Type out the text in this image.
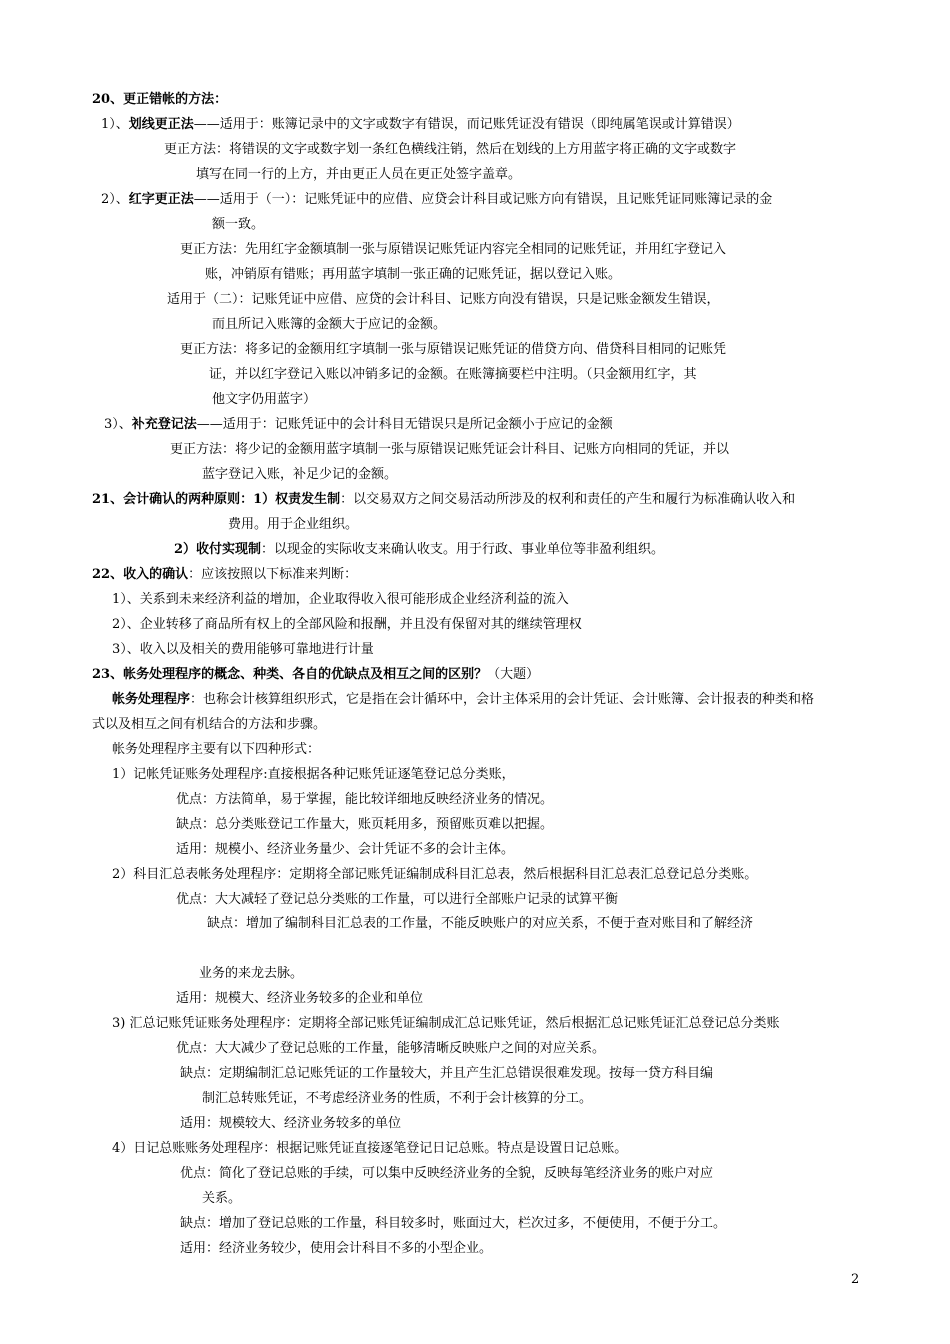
20、更正错帐的方法：
1）、划线更正法——适用于：账簿记录中的文字或数字有错误，而记账凭证没有错误（即纯属笔误或计算错误）
更正方法：将错误的文字或数字划一条红色横线注销，然后在划线的上方用蓝字将正确的文字或数字
填写在同一行的上方，并由更正人员在更正处签字盖章。
2）、红字更正法——适用于（一）：记账凭证中的应借、应贷会计科目或记账方向有错误，且记账凭证同账簿记录的金
额一致。
更正方法：先用红字金额填制一张与原错误记账凭证内容完全相同的记账凭证，并用红字登记入
账，冲销原有错账；再用蓝字填制一张正确的记账凭证，据以登记入账。
适用于（二）：记账凭证中应借、应贷的会计科目、记账方向没有错误，只是记账金额发生错误，
而且所记入账簿的金额大于应记的金额。
更正方法：将多记的金额用红字填制一张与原错误记账凭证的借贷方向、借贷科目相同的记账凭
证，并以红字登记入账以冲销多记的金额。在账簿摘要栏中注明。（只金额用红字，其
他文字仍用蓝字）
3）、补充登记法——适用于：记账凭证中的会计科目无错误只是所记金额小于应记的金额
更正方法：将少记的金额用蓝字填制一张与原错误记账凭证会计科目、记账方向相同的凭证，并以
蓝字登记入账，补足少记的金额。
21、会计确认的两种原则：1）权责发生制：以交易双方之间交易活动所涉及的权利和责任的产生和履行为标准确认收入和
费用。用于企业组织。
2）收付实现制：以现金的实际收支来确认收支。用于行政、事业单位等非盈利组织。
22、收入的确认：应该按照以下标准来判断：
1）、关系到未来经济利益的增加，企业取得收入很可能形成企业经济利益的流入
2）、企业转移了商品所有权上的全部风险和报酬，并且没有保留对其的继续管理权
3）、收入以及相关的费用能够可靠地进行计量
23、帐务处理程序的概念、种类、各自的优缺点及相互之间的区别？（大题）
帐务处理程序：也称会计核算组织形式，它是指在会计循环中，会计主体采用的会计凭证、会计账簿、会计报表的种类和格
式以及相互之间有机结合的方法和步骤。
帐务处理程序主要有以下四种形式：
1）记帐凭证账务处理程序:直接根据各种记账凭证逐笔登记总分类账，
优点：方法简单，易于掌握，能比较详细地反映经济业务的情况。
缺点：总分类账登记工作量大，账页耗用多，预留账页难以把握。
适用：规模小、经济业务量少、会计凭证不多的会计主体。
2）科目汇总表帐务处理程序：定期将全部记账凭证编制成科目汇总表，然后根据科目汇总表汇总登记总分类账。
优点：大大减轻了登记总分类账的工作量，可以进行全部账户记录的试算平衡
缺点：增加了编制科目汇总表的工作量，不能反映账户的对应关系，不便于查对账目和了解经济
业务的来龙去脉。
适用：规模大、经济业务较多的企业和单位
3) 汇总记账凭证账务处理程序：定期将全部记账凭证编制成汇总记账凭证，然后根据汇总记账凭证汇总登记总分类账
优点：大大减少了登记总账的工作量，能够清晰反映账户之间的对应关系。
缺点：定期编制汇总记账凭证的工作量较大，并且产生汇总错误很难发现。按每一贷方科目编
制汇总转账凭证，不考虑经济业务的性质，不利于会计核算的分工。
适用：规模较大、经济业务较多的单位
4）日记总账账务处理程序：根据记账凭证直接逐笔登记日记总账。特点是设置日记总账。
优点：简化了登记总账的手续，可以集中反映经济业务的全貌，反映每笔经济业务的账户对应
关系。
缺点：增加了登记总账的工作量，科目较多时，账面过大，栏次过多，不便使用，不便于分工。
适用：经济业务较少，使用会计科目不多的小型企业。
2
